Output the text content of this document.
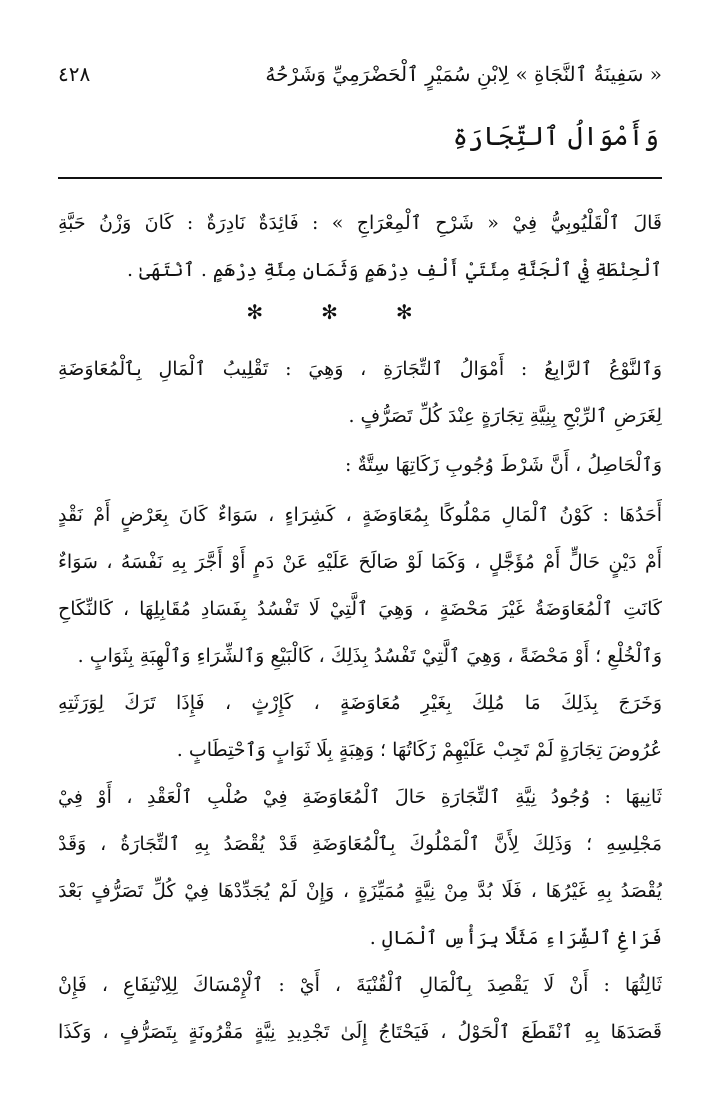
« سَفِينَةُ ٱلنَّجَاةِ » لِابْنِ سُمَيْرٍ ٱلْحَضْرَمِيِّ وَشَرْحُهُ
٤٢٨
وَأَمْوَالُ ٱلتِّجَارَةِ

قَالَ ٱلْقَلْيُوبِيُّ فِيْ « شَرْحِ ٱلْمِعْرَاجِ » : فَائِدَةٌ نَادِرَةٌ : كَانَ وَزْنُ حَبَّةِ
ٱلْحِنْطَةِ فِيْ ٱلْجَنَّةِ مِئَتَيْ أَلْفِ دِرْهَمٍ وَثَمَانِ مِئَةِ دِرْهَمٍ . ٱنْتَهَىٰ .

✻✻✻

وَٱلنَّوْعُ ٱلرَّابِعُ : أَمْوَالُ ٱلتِّجَارَةِ ، وَهِيَ : تَقْلِيبُ ٱلْمَالِ بِٱلْمُعَاوَضَةِ
لِغَرَضِ ٱلرِّبْحِ بِنِيَّةِ تِجَارَةٍ عِنْدَ كُلِّ تَصَرُّفٍ .

وَٱلْحَاصِلُ ، أَنَّ شَرْطَ وُجُوبِ زَكَاتِهَا سِتَّةٌ :

أَحَدُهَا : كَوْنُ ٱلْمَالِ مَمْلُوكًا بِمُعَاوَضَةٍ ، كَشِرَاءٍ ، سَوَاءٌ كَانَ بِعَرْضٍ أَمْ نَقْدٍ
أَمْ دَيْنٍ حَالٍّ أَمْ مُؤَجَّلٍ ، وَكَمَا لَوْ صَالَحَ عَلَيْهِ عَنْ دَمٍ أَوْ أَجَّرَ بِهِ نَفْسَهُ ، سَوَاءٌ
كَانَتِ ٱلْمُعَاوَضَةُ غَيْرَ مَحْضَةٍ ، وَهِيَ ٱلَّتِيْ لَا تَفْسُدُ بِفَسَادِ مُقَابِلِهَا ، كَالنِّكَاحِ
وَٱلْخُلْعِ ؛ أَوْ مَحْضَةً ، وَهِيَ ٱلَّتِيْ تَفْسُدُ بِذَلِكَ ، كَالْبَيْعِ وَٱلشِّرَاءِ وَٱلْهِبَةِ بِثَوَابٍ .

وَخَرَجَ بِذَلِكَ مَا مُلِكَ بِغَيْرِ مُعَاوَضَةٍ ، كَإِرْثٍ ، فَإِذَا تَرَكَ لِوَرَثَتِهِ
عُرُوضَ تِجَارَةٍ لَمْ تَجِبْ عَلَيْهِمْ زَكَاتُهَا ؛ وَهِبَةٍ بِلَا ثَوَابٍ وَٱحْتِطَابٍ .

ثَانِيهَا : وُجُودُ نِيَّةِ ٱلتِّجَارَةِ حَالَ ٱلْمُعَاوَضَةِ فِيْ صُلْبِ ٱلْعَقْدِ ، أَوْ فِيْ
مَجْلِسِهِ ؛ وَذَلِكَ لِأَنَّ ٱلْمَمْلُوكَ بِٱلْمُعَاوَضَةِ قَدْ يُقْصَدُ بِهِ ٱلتِّجَارَةُ ، وَقَدْ
يُقْصَدُ بِهِ غَيْرُهَا ، فَلَا بُدَّ مِنْ نِيَّةٍ مُمَيِّزَةٍ ، وَإِنْ لَمْ يُجَدِّدْهَا فِيْ كُلِّ تَصَرُّفٍ بَعْدَ
فَرَاغِ ٱلشِّرَاءِ مَثَلًا بِرَأْسِ ٱلْمَالِ .

ثَالِثُهَا : أَنْ لَا يَقْصِدَ بِٱلْمَالِ ٱلْقُنْيَةَ ، أَيْ : ٱلْإِمْسَاكَ لِلِانْتِفَاعِ ، فَإِنْ
قَصَدَهَا بِهِ ٱنْقَطَعَ ٱلْحَوْلُ ، فَيَحْتَاجُ إِلَىٰ تَجْدِيدِ نِيَّةٍ مَقْرُونَةٍ بِتَصَرُّفٍ ، وَكَذَا
